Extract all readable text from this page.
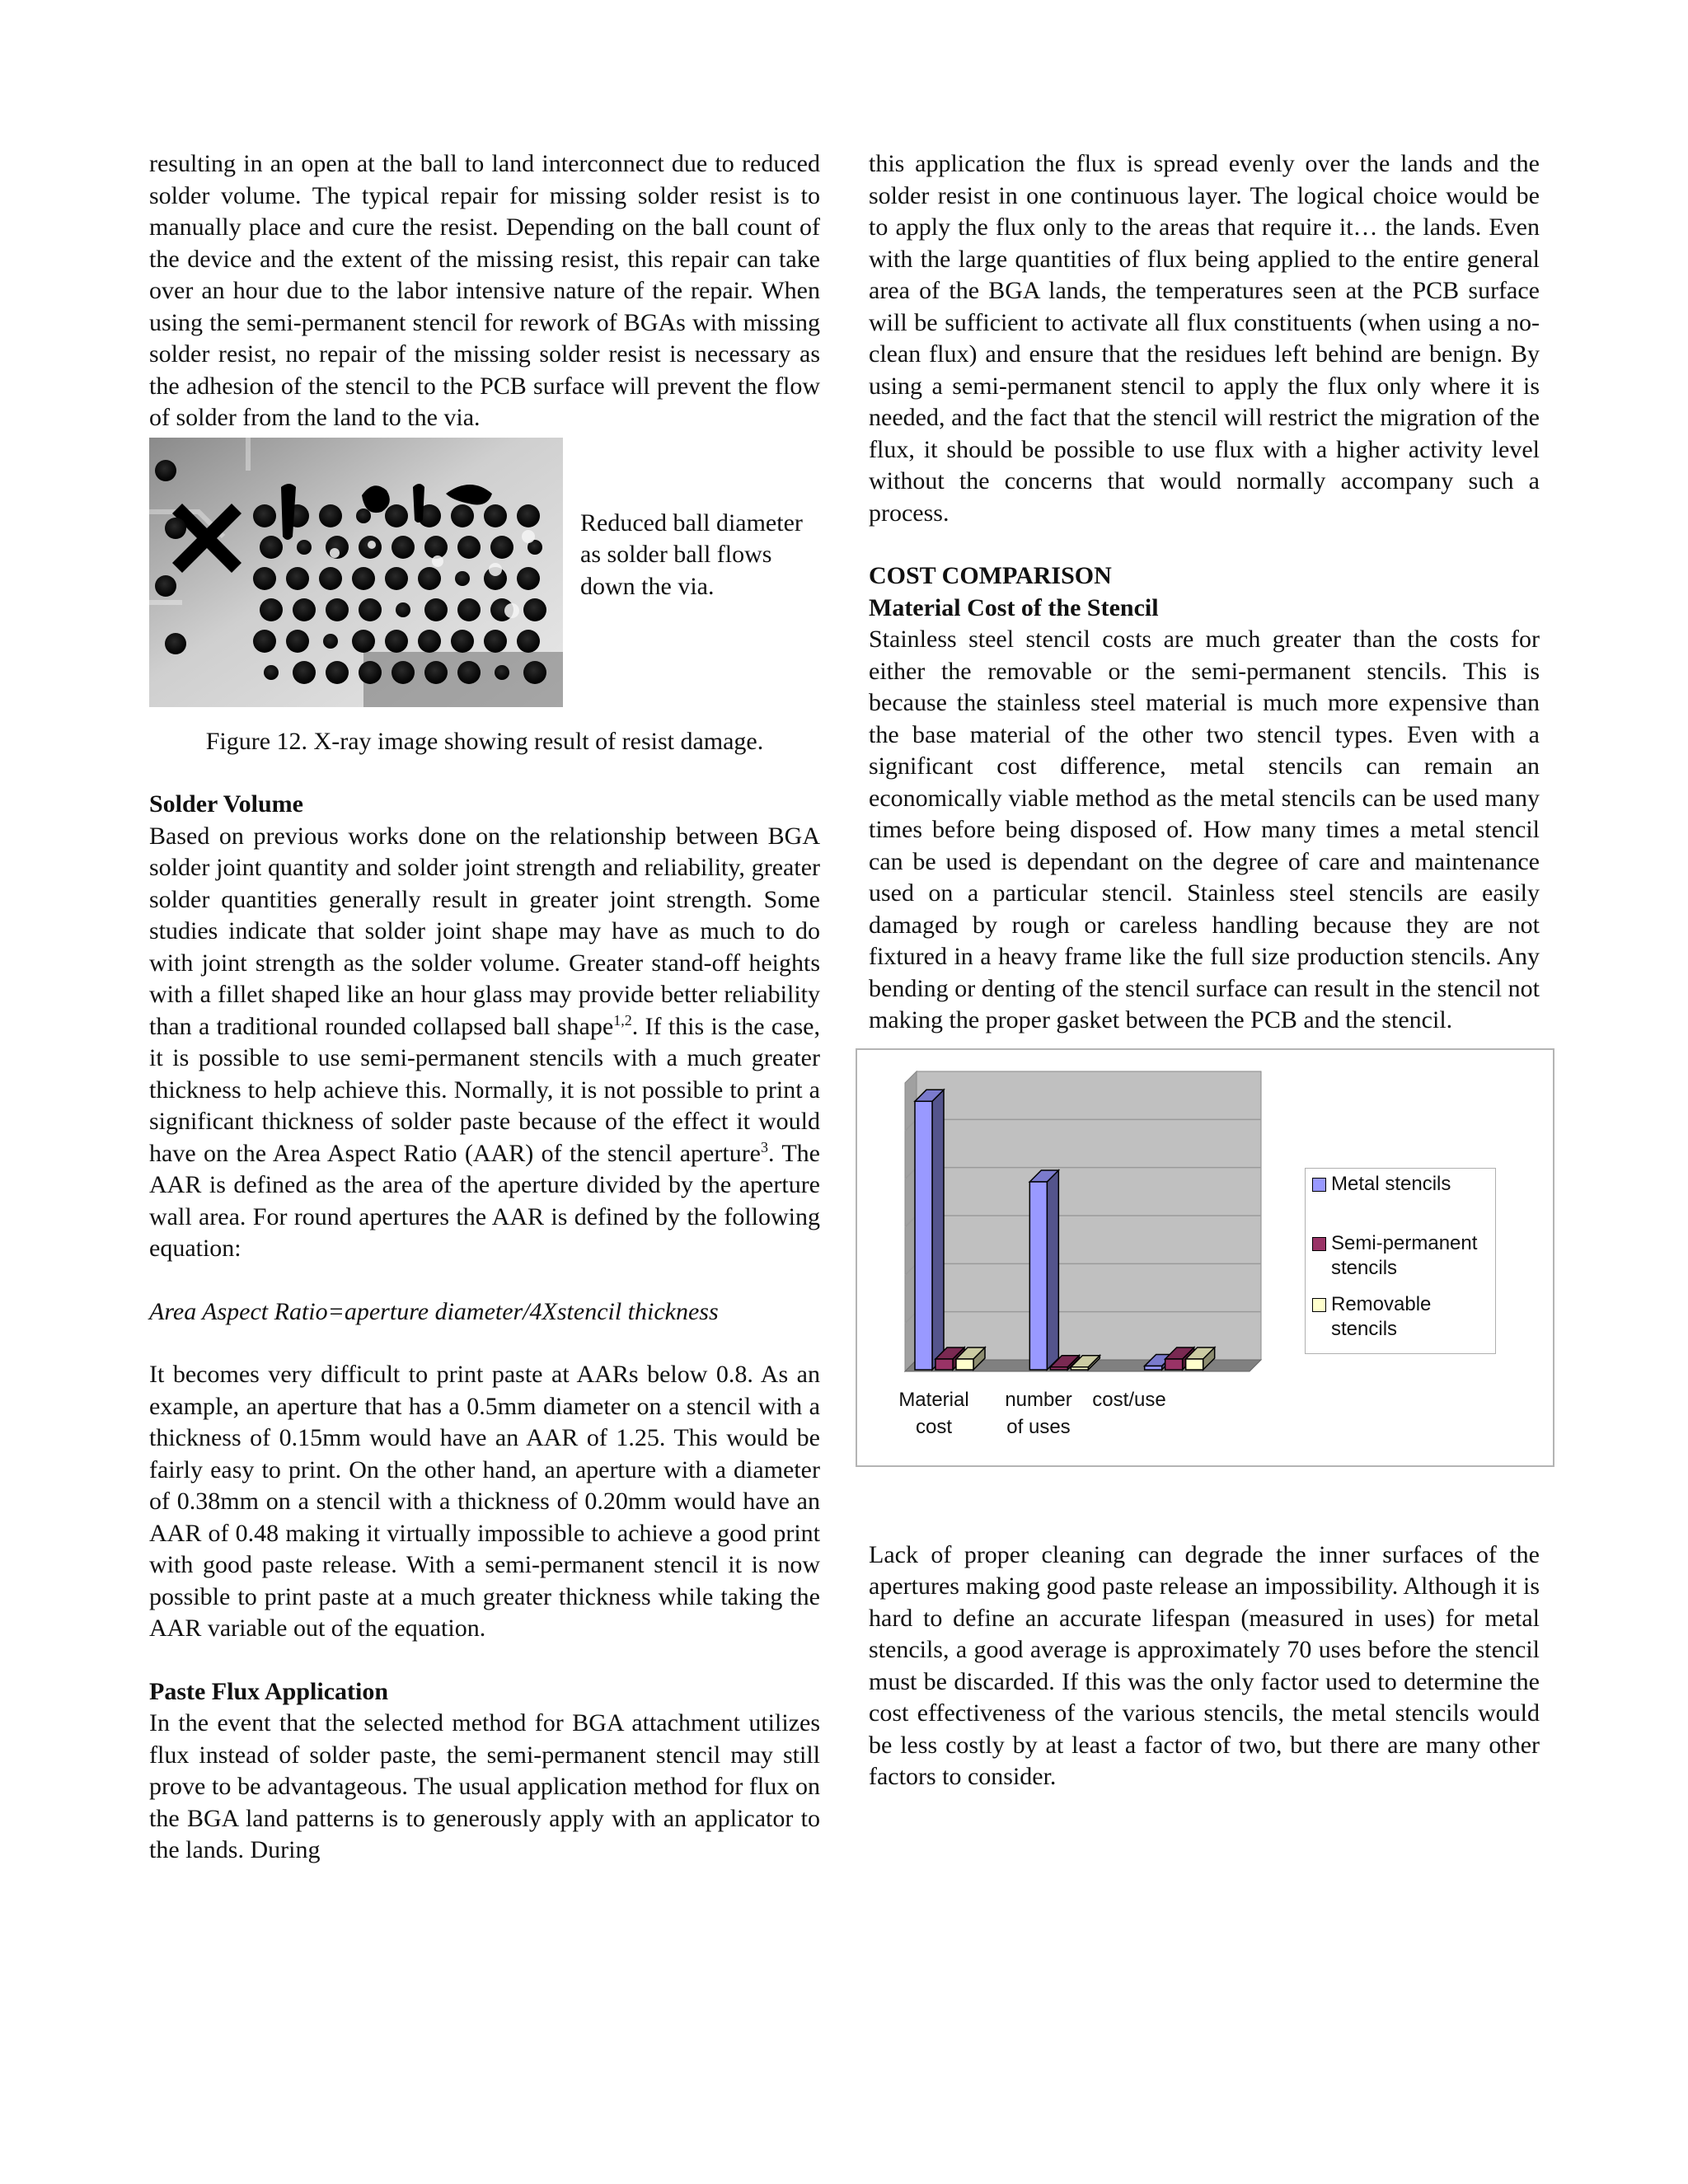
resulting in an open at the ball to land interconnect due to reduced solder volume. The typical repair for missing solder resist is to manually place and cure the resist. Depending on the ball count of the device and the extent of the missing resist, this repair can take over an hour due to the labor intensive nature of the repair. When using the semi-permanent stencil for rework of BGAs with missing solder resist, no repair of the missing solder resist is necessary as the adhesion of the stencil to the PCB surface will prevent the flow of solder from the land to the via.

Reduced ball diameter as solder ball flows down the via.

Figure 12. X-ray image showing result of resist damage.

Solder Volume

Based on previous works done on the relationship between BGA solder joint quantity and solder joint strength and reliability, greater solder quantities generally result in greater joint strength. Some studies indicate that solder joint shape may have as much to do with joint strength as the solder volume. Greater stand-off heights with a fillet shaped like an hour glass may provide better reliability than a traditional rounded collapsed ball shape$^{1,2}$. If this is the case, it is possible to use semi-permanent stencils with a much greater thickness to help achieve this. Normally, it is not possible to print a significant thickness of solder paste because of the effect it would have on the Area Aspect Ratio (AAR) of the stencil aperture$^3$. The AAR is defined as the area of the aperture divided by the aperture wall area. For round apertures the AAR is defined by the following equation:

Area Aspect Ratio=aperture diameter/4Xstencil thickness

It becomes very difficult to print paste at AARs below 0.8. As an example, an aperture that has a 0.5mm diameter on a stencil with a thickness of 0.15mm would have an AAR of 1.25. This would be fairly easy to print. On the other hand, an aperture with a diameter of 0.38mm on a stencil with a thickness of 0.20mm would have an AAR of 0.48 making it virtually impossible to achieve a good print with good paste release. With a semi-permanent stencil it is now possible to print paste at a much greater thickness while taking the AAR variable out of the equation.

Paste Flux Application

In the event that the selected method for BGA attachment utilizes flux instead of solder paste, the semi-permanent stencil may still prove to be advantageous. The usual application method for flux on the BGA land patterns is to generously apply with an applicator to the lands. During

this application the flux is spread evenly over the lands and the solder resist in one continuous layer. The logical choice would be to apply the flux only to the areas that require it… the lands. Even with the large quantities of flux being applied to the entire general area of the BGA lands, the temperatures seen at the PCB surface will be sufficient to activate all flux constituents (when using a no-clean flux) and ensure that the residues left behind are benign. By using a semi-permanent stencil to apply the flux only where it is needed, and the fact that the stencil will restrict the migration of the flux, it should be possible to use flux with a higher activity level without the concerns that would normally accompany such a process.

COST COMPARISON

Material Cost of the Stencil

Stainless steel stencil costs are much greater than the costs for either the removable or the semi-permanent stencils. This is because the stainless steel material is much more expensive than the base material of the other two stencil types. Even with a significant cost difference, metal stencils can remain an economically viable method as the metal stencils can be used many times before being disposed of. How many times a metal stencil can be used is dependant on the degree of care and maintenance used on a particular stencil. Stainless steel stencils are easily damaged by rough or careless handling because they are not fixtured in a heavy frame like the full size production stencils. Any bending or denting of the stencil surface can result in the stencil not making the proper gasket between the PCB and the stencil.

Material
cost
number
of uses
cost/use
Metal stencils
Semi-permanent
stencils
Removable stencils

Lack of proper cleaning can degrade the inner surfaces of the apertures making good paste release an impossibility. Although it is hard to define an accurate lifespan (measured in uses) for metal stencils, a good average is approximately 70 uses before the stencil must be discarded. If this was the only factor used to determine the cost effectiveness of the various stencils, the metal stencils would be less costly by at least a factor of two, but there are many other factors to consider.
